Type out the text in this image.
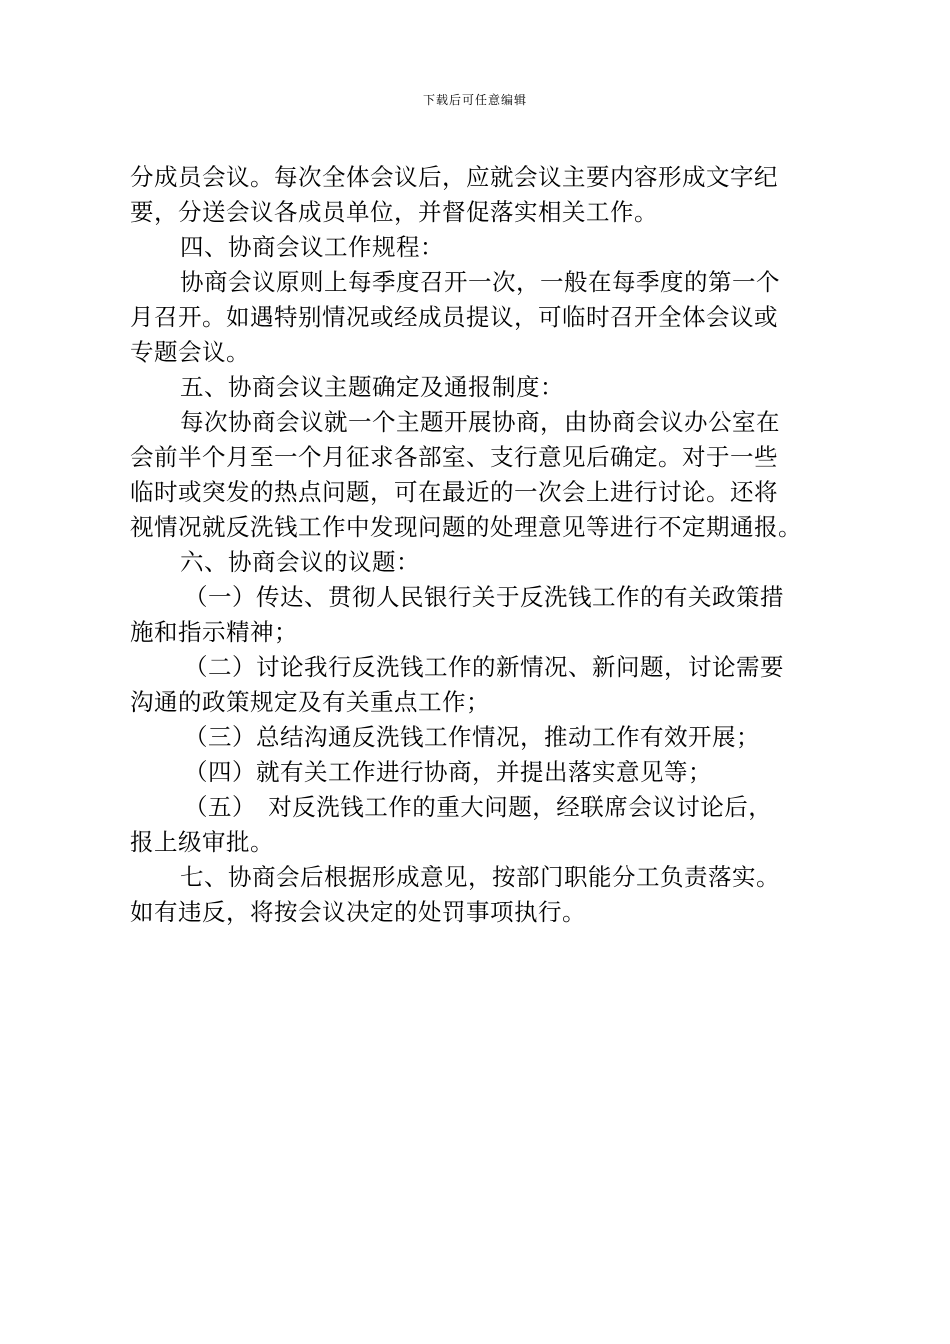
下载后可任意编辑
分成员会议。每次全体会议后，应就会议主要内容形成文字纪
要，分送会议各成员单位，并督促落实相关工作。
四、协商会议工作规程：
协商会议原则上每季度召开一次，一般在每季度的第一个
月召开。如遇特别情况或经成员提议，可临时召开全体会议或
专题会议。
五、协商会议主题确定及通报制度：
每次协商会议就一个主题开展协商，由协商会议办公室在
会前半个月至一个月征求各部室、支行意见后确定。对于一些
临时或突发的热点问题，可在最近的一次会上进行讨论。还将
视情况就反洗钱工作中发现问题的处理意见等进行不定期通报。
六、协商会议的议题：
（一）传达、贯彻人民银行关于反洗钱工作的有关政策措
施和指示精神；
（二）讨论我行反洗钱工作的新情况、新问题，讨论需要
沟通的政策规定及有关重点工作；
（三）总结沟通反洗钱工作情况，推动工作有效开展；
（四）就有关工作进行协商，并提出落实意见等；
（五）　对反洗钱工作的重大问题，经联席会议讨论后，
报上级审批。
七、协商会后根据形成意见，按部门职能分工负责落实。
如有违反，将按会议决定的处罚事项执行。
